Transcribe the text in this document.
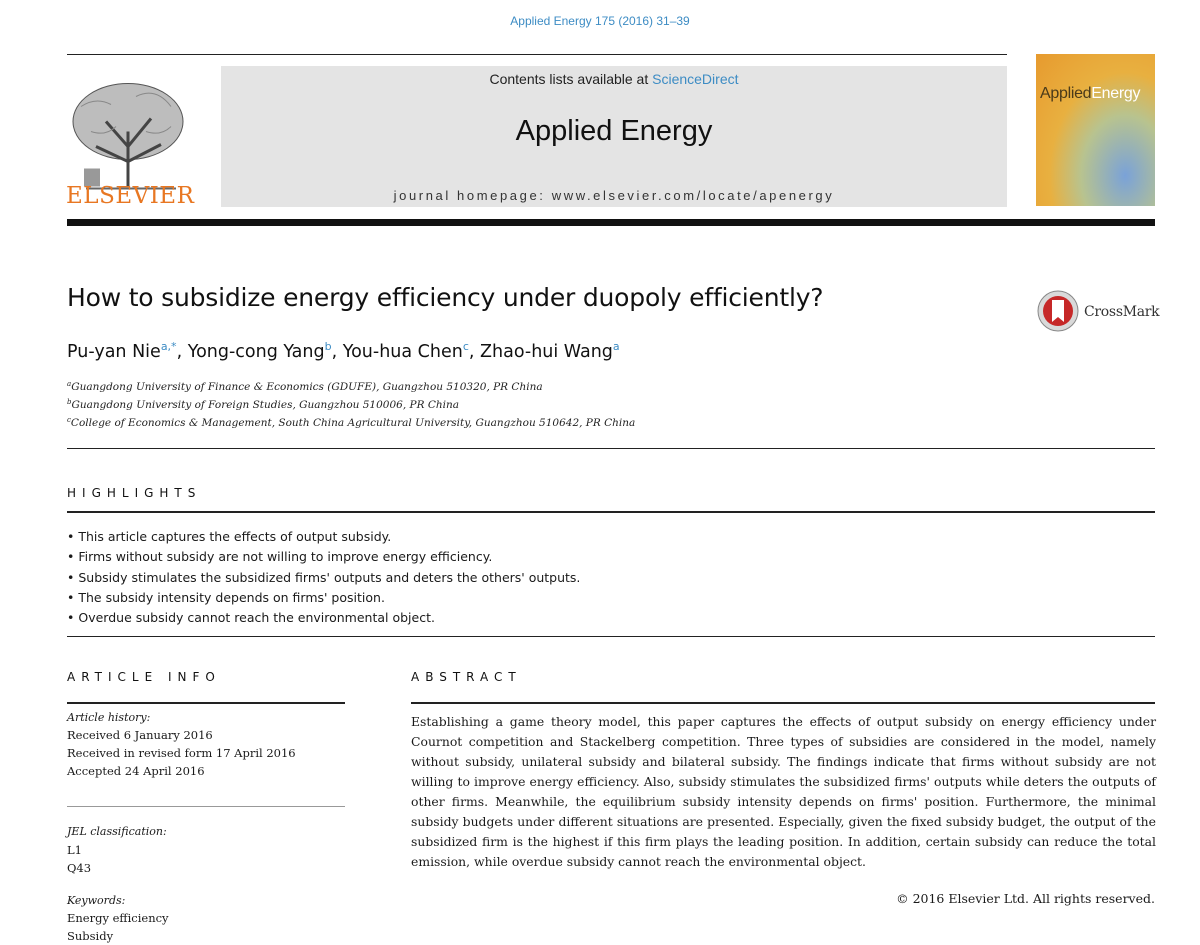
Applied Energy 175 (2016) 31–39
ELSEVIER
Contents lists available at ScienceDirect
Applied Energy
journal homepage: www.elsevier.com/locate/apenergy
AppliedEnergy
How to subsidize energy efficiency under duopoly efficiently?	CrossMark
Pu-yan Nie$^{a,*}$, Yong-cong Yang$^b$, You-hua Chen$^c$, Zhao-hui Wang$^a$
$^a$Guangdong University of Finance & Economics (GDUFE), Guangzhou 510320, PR China
$^b$Guangdong University of Foreign Studies, Guangzhou 510006, PR China
$^c$College of Economics & Management, South China Agricultural University, Guangzhou 510642, PR China
HIGHLIGHTS
• This article captures the effects of output subsidy.
• Firms without subsidy are not willing to improve energy efficiency.
• Subsidy stimulates the subsidized firms' outputs and deters the others' outputs.
• The subsidy intensity depends on firms' position.
• Overdue subsidy cannot reach the environmental object.
ARTICLE INFO
Article history:
Received 6 January 2016
Received in revised form 17 April 2016
Accepted 24 April 2016
JEL classification:
L1
Q43
Keywords:
Energy efficiency
Subsidy
ABSTRACT
Establishing a game theory model, this paper captures the effects of output subsidy on energy efficiency under Cournot competition and Stackelberg competition. Three types of subsidies are considered in the model, namely without subsidy, unilateral subsidy and bilateral subsidy. The findings indicate that firms without subsidy are not willing to improve energy efficiency. Also, subsidy stimulates the subsidized firms' outputs while deters the outputs of other firms. Meanwhile, the equilibrium subsidy intensity depends on firms' position. Furthermore, the minimal subsidy budgets under different situations are presented. Especially, given the fixed subsidy budget, the output of the subsidized firm is the highest if this firm plays the leading position. In addition, certain subsidy can reduce the total emission, while overdue subsidy cannot reach the environmental object.
© 2016 Elsevier Ltd. All rights reserved.
